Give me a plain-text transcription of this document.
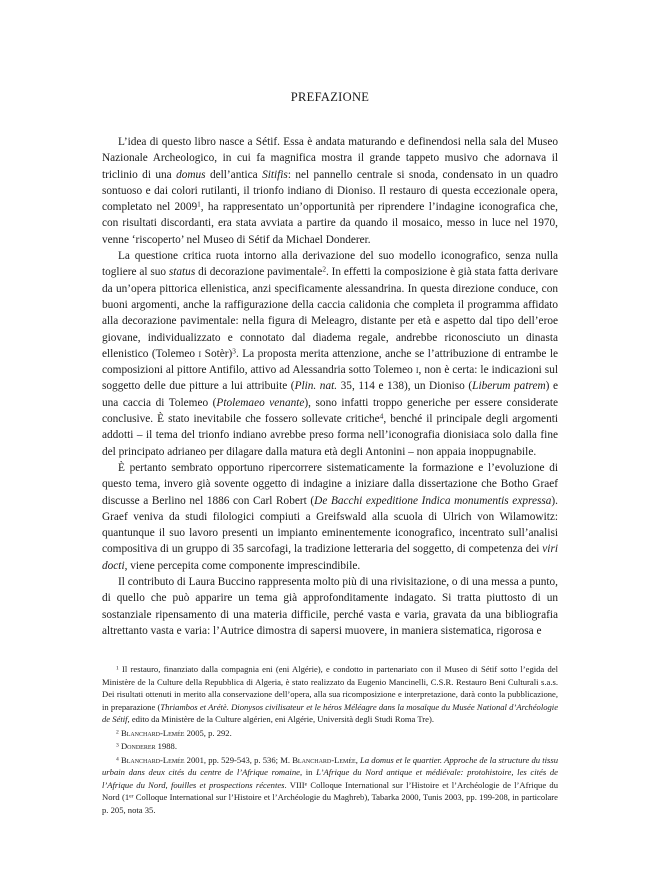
PREFAZIONE

L’idea di questo libro nasce a Sétif. Essa è andata maturando e definendosi nella sala del Museo Nazionale Archeologico, in cui fa magnifica mostra il grande tappeto musivo che adornava il triclinio di una domus dell’antica Sitifis: nel pannello centrale si snoda, condensato in un quadro sontuoso e dai colori rutilanti, il trionfo indiano di Dioniso. Il restauro di questa eccezionale opera, completato nel 2009$^1$, ha rappresentato un’opportunità per riprendere l’indagine iconografica che, con risultati discordanti, era stata avviata a partire da quando il mosaico, messo in luce nel 1970, venne ‘riscoperto’ nel Museo di Sétif da Michael Donderer.

La questione critica ruota intorno alla derivazione del suo modello iconografico, senza nulla togliere al suo status di decorazione pavimentale$^2$. In effetti la composizione è già stata fatta derivare da un’opera pittorica ellenistica, anzi specificamente alessandrina. In questa direzione conduce, con buoni argomenti, anche la raffigurazione della caccia calidonia che completa il programma affidato alla decorazione pavimentale: nella figura di Meleagro, distante per età e aspetto dal tipo dell’eroe giovane, individualizzato e connotato dal diadema regale, andrebbe riconosciuto un dinasta ellenistico (Tolemeo i Sotèr)$^3$. La proposta merita attenzione, anche se l’attribuzione di entrambe le composizioni al pittore Antifilo, attivo ad Alessandria sotto Tolemeo i, non è certa: le indicazioni sul soggetto delle due pitture a lui attribuite (Plin. nat. 35, 114 e 138), un Dioniso (Liberum patrem) e una caccia di Tolemeo (Ptolemaeo venante), sono infatti troppo generiche per essere considerate conclusive. È stato inevitabile che fossero sollevate critiche$^4$, benché il principale degli argomenti addotti – il tema del trionfo indiano avrebbe preso forma nell’iconografia dionisiaca solo dalla fine del principato adrianeo per dilagare dalla matura età degli Antonini – non appaia inoppugnabile.

È pertanto sembrato opportuno ripercorrere sistematicamente la formazione e l’evoluzione di questo tema, invero già sovente oggetto di indagine a iniziare dalla dissertazione che Botho Graef discusse a Berlino nel 1886 con Carl Robert (De Bacchi expeditione Indica monumentis expressa). Graef veniva da studi filologici compiuti a Greifswald alla scuola di Ulrich von Wilamowitz: quantunque il suo lavoro presenti un impianto eminentemente iconografico, incentrato sull’analisi compositiva di un gruppo di 35 sarcofagi, la tradizione letteraria del soggetto, di competenza dei viri docti, viene percepita come componente imprescindibile.

Il contributo di Laura Buccino rappresenta molto più di una rivisitazione, o di una messa a punto, di quello che può apparire un tema già approfonditamente indagato. Si tratta piuttosto di un sostanziale ripensamento di una materia difficile, perché vasta e varia, gravata da una bibliografia altrettanto vasta e varia: l’Autrice dimostra di sapersi muovere, in maniera sistematica, rigorosa e

$^1$ Il restauro, finanziato dalla compagnia eni (eni Algérie), e condotto in partenariato con il Museo di Sétif sotto l’egida del Ministère de la Culture della Repubblica di Algeria, è stato realizzato da Eugenio Mancinelli, C.S.R. Restauro Beni Culturali s.a.s. Dei risultati ottenuti in merito alla conservazione dell’opera, alla sua ricomposizione e interpretazione, darà conto la pubblicazione, in preparazione (Thriambos et Arétè. Dionysos civilisateur et le héros Méléagre dans la mosaïque du Musée National d’Archéologie de Sétif, edito da Ministère de la Culture algérien, eni Algérie, Università degli Studi Roma Tre).

$^2$ Blanchard-Lemée 2005, p. 292.

$^3$ Donderer 1988.

$^4$ Blanchard-Lemée 2001, pp. 529-543, p. 536; M. Blanchard-Lemée, La domus et le quartier. Approche de la structure du tissu urbain dans deux cités du centre de l’Afrique romaine, in L’Afrique du Nord antique et médiévale: protohistoire, les cités de l’Afrique du Nord, fouilles et prospections récentes. VIIIe Colloque International sur l’Histoire et l’Archéologie de l’Afrique du Nord (1er Colloque International sur l’Histoire et l’Archéologie du Maghreb), Tabarka 2000, Tunis 2003, pp. 199-208, in particolare p. 205, nota 35.
